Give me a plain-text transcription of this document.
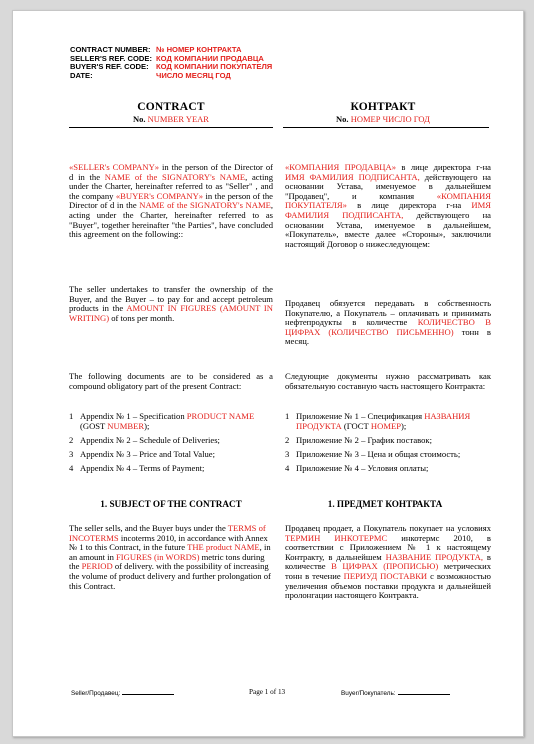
CONTRACT NUMBER: № НОМЕР КОНТРАКТА
SELLER'S REF. CODE: КОД КОМПАНИИ ПРОДАВЦА
BUYER'S REF. CODE: КОД КОМПАНИИ ПОКУПАТЕЛЯ
DATE:	ЧИСЛО МЕСЯЦ ГОД
CONTRACT
No. NUMBER YEAR
КОНТРАКТ
No. НОМЕР ЧИСЛО ГОД

«SELLER's COMPANY» in the person of the Director of d in the NAME of the SIGNATORY's NAME, acting under the Charter, hereinafter referred to as "Seller" , and the company «BUYER's COMPANY» in the person of the Director of d in the NAME of the SIGNATORY's NAME, acting under the Charter, hereinafter referred to as "Buyer", together hereinafter "the Parties", have concluded this agreement on the following::

The seller undertakes to transfer the ownership of the Buyer, and the Buyer – to pay for and accept petroleum products in the AMOUNT IN FIGURES (AMOUNT IN WRITING) of tons per month.

The following documents are to be considered as a compound obligatory part of the present Contract:

1 Appendix № 1 – Specification PRODUCT NAME (GOST NUMBER);
2 Appendix № 2 – Schedule of Deliveries;
3 Appendix № 3 – Price and Total Value;
4 Appendix № 4 – Terms of Payment;
1. SUBJECT OF THE CONTRACT

The seller sells, and the Buyer buys under the TERMS of INCOTERMS incoterms 2010, in accordance with Annex № 1 to this Contract, in the future THE product NAME, in an amount in FIGURES (in WORDS) metric tons during the PERIOD of delivery. with the possibility of increasing the volume of product delivery and further prolongation of this Contract.

«КОМПАНИЯ ПРОДАВЦА» в лице директора г-на ИМЯ ФАМИЛИЯ ПОДПИСАНТА, действующего на основании Устава, именуемое в дальнейшем "Продавец", и компания «КОМПАНИЯ ПОКУПАТЕЛЯ» в лице директора г-на ИМЯ ФАМИЛИЯ ПОДПИСАНТА, действующего на основании Устава, именуемое в дальнейшем, «Покупатель», вместе далее «Стороны», заключили настоящий Договор о нижеследующем:

Продавец обязуется передавать в собственность Покупателю, а Покупатель – оплачивать и принимать нефтепродукты в количестве КОЛИЧЕСТВО В ЦИФРАХ (КОЛИЧЕСТВО ПИСЬМЕННО) тонн в месяц.

Следующие документы нужно рассматривать как обязательную составную часть настоящего Контракта:

1 Приложение № 1 – Спецификация НАЗВАНИЯ ПРОДУКТА (ГОСТ НОМЕР);
2 Приложение № 2 – График поставок;
3 Приложение № 3 – Цена и общая стоимость;
4 Приложение № 4 – Условия оплаты;
1. ПРЕДМЕТ КОНТРАКТА

Продавец продает, а Покупатель покупает на условиях ТЕРМИН ИНКОТЕРМС инкотермс 2010, в соответствии с Приложением № 1 к настоящему Контракту, в дальнейшем НАЗВАНИЕ ПРОДУКТА, в количестве В ЦИФРАХ (ПРОПИСЬЮ) метрических тонн в течение ПЕРИУД ПОСТАВКИ с возможностью увеличения объемов поставки продукта и дальнейшей пролонгации настоящего Контракта.

Seller/Продавец:	Page 1 of 13	Buyer/Покупатель:
